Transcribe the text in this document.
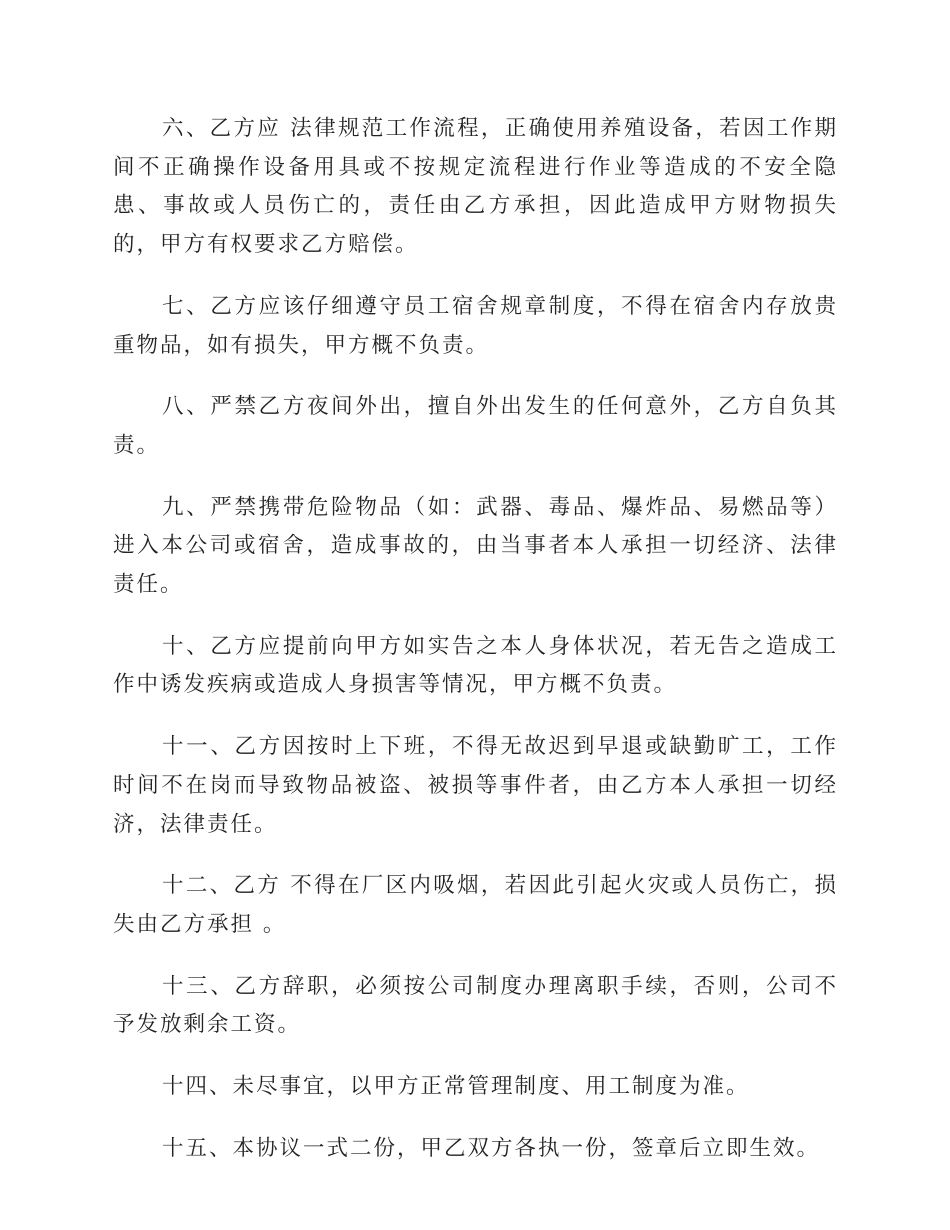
六、乙方应 法律规范工作流程，正确使用养殖设备，若因工作期间不正确操作设备用具或不按规定流程进行作业等造成的不安全隐患、事故或人员伤亡的，责任由乙方承担，因此造成甲方财物损失的，甲方有权要求乙方赔偿。

七、乙方应该仔细遵守员工宿舍规章制度，不得在宿舍内存放贵重物品，如有损失，甲方概不负责。

八、严禁乙方夜间外出，擅自外出发生的任何意外，乙方自负其责。

九、严禁携带危险物品（如：武器、毒品、爆炸品、易燃品等）进入本公司或宿舍，造成事故的，由当事者本人承担一切经济、法律责任。

十、乙方应提前向甲方如实告之本人身体状况，若无告之造成工作中诱发疾病或造成人身损害等情况，甲方概不负责。

十一、乙方因按时上下班，不得无故迟到早退或缺勤旷工，工作时间不在岗而导致物品被盗、被损等事件者，由乙方本人承担一切经济，法律责任。

十二、乙方 不得在厂区内吸烟，若因此引起火灾或人员伤亡，损失由乙方承担 。

十三、乙方辞职，必须按公司制度办理离职手续，否则，公司不予发放剩余工资。

十四、未尽事宜，以甲方正常管理制度、用工制度为准。

十五、本协议一式二份，甲乙双方各执一份，签章后立即生效。
